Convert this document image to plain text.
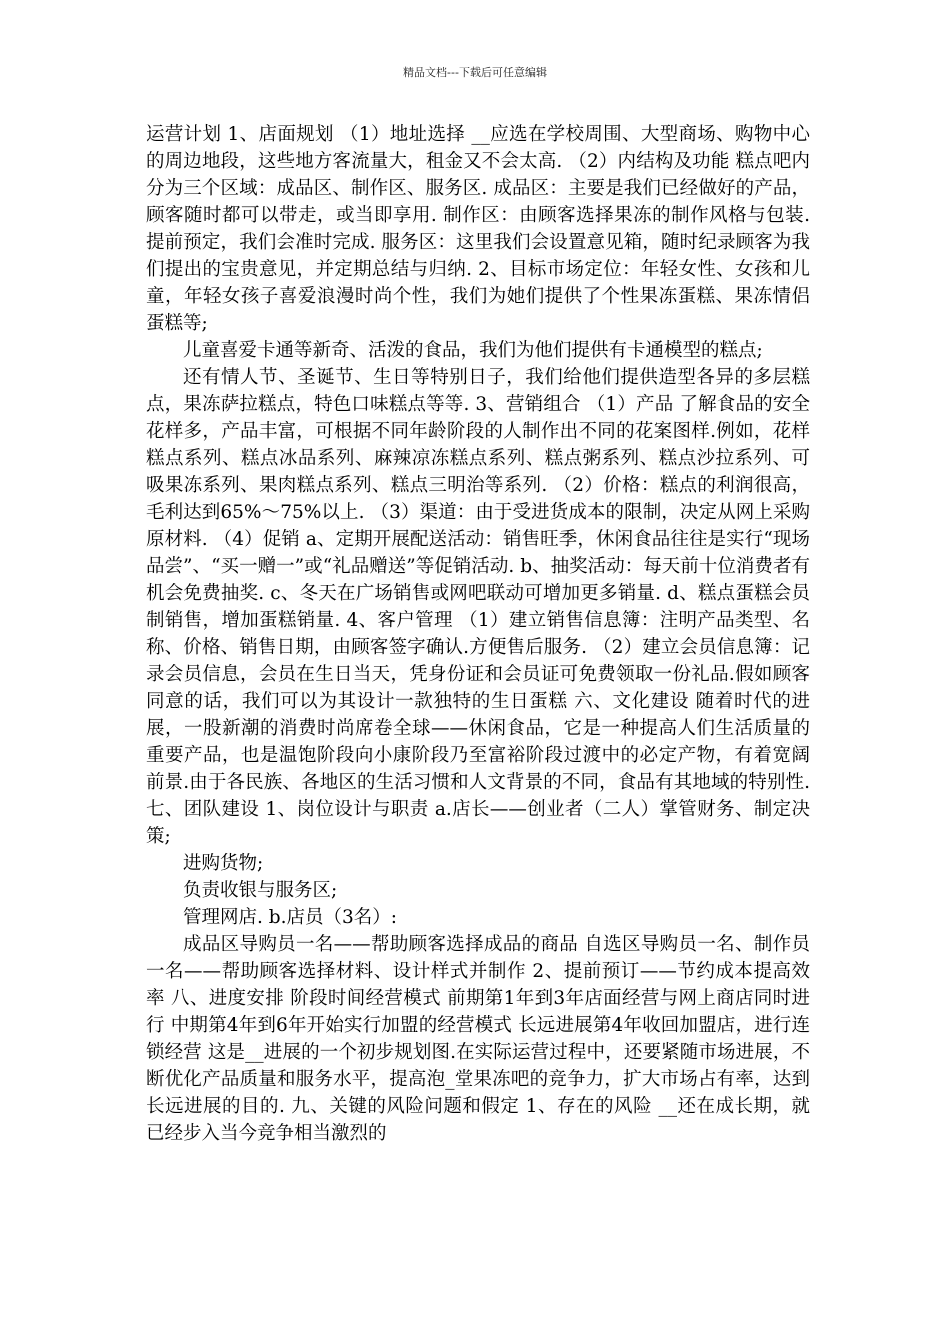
精品文档---下载后可任意编辑

运营计划 1、店面规划 （1）地址选择 __应选在学校周围、大型商场、购物中心的周边地段，这些地方客流量大，租金又不会太高. （2）内结构及功能 糕点吧内分为三个区域：成品区、制作区、服务区. 成品区：主要是我们已经做好的产品，顾客随时都可以带走，或当即享用. 制作区：由顾客选择果冻的制作风格与包装.提前预定，我们会准时完成. 服务区：这里我们会设置意见箱，随时纪录顾客为我们提出的宝贵意见，并定期总结与归纳. 2、目标市场定位：年轻女性、女孩和儿童，年轻女孩子喜爱浪漫时尚个性，我们为她们提供了个性果冻蛋糕、果冻情侣蛋糕等;

儿童喜爱卡通等新奇、活泼的食品，我们为他们提供有卡通模型的糕点;

还有情人节、圣诞节、生日等特别日子，我们给他们提供造型各异的多层糕点，果冻萨拉糕点，特色口味糕点等等. 3、营销组合 （1）产品 了解食品的安全花样多，产品丰富，可根据不同年龄阶段的人制作出不同的花案图样.例如，花样糕点系列、糕点冰品系列、麻辣凉冻糕点系列、糕点粥系列、糕点沙拉系列、可吸果冻系列、果肉糕点系列、糕点三明治等系列. （2）价格：糕点的利润很高，毛利达到65%～75%以上. （3）渠道：由于受进货成本的限制，决定从网上采购原材料. （4）促销 a、定期开展配送活动：销售旺季，休闲食品往往是实行“现场品尝”、“买一赠一”或“礼品赠送”等促销活动. b、抽奖活动：每天前十位消费者有机会免费抽奖. c、冬天在广场销售或网吧联动可增加更多销量. d、糕点蛋糕会员制销售，增加蛋糕销量. 4、客户管理 （1）建立销售信息簿：注明产品类型、名称、价格、销售日期，由顾客签字确认.方便售后服务. （2）建立会员信息簿：记录会员信息，会员在生日当天，凭身份证和会员证可免费领取一份礼品.假如顾客同意的话，我们可以为其设计一款独特的生日蛋糕 六、文化建设 随着时代的进展，一股新潮的消费时尚席卷全球——休闲食品，它是一种提高人们生活质量的重要产品，也是温饱阶段向小康阶段乃至富裕阶段过渡中的必定产物，有着宽阔前景.由于各民族、各地区的生活习惯和人文背景的不同，食品有其地域的特别性. 七、团队建设 1、岗位设计与职责 a.店长——创业者（二人）掌管财务、制定决策;

进购货物;

负责收银与服务区;

管理网店. b.店员（3名）:

成品区导购员一名——帮助顾客选择成品的商品 自选区导购员一名、制作员一名——帮助顾客选择材料、设计样式并制作 2、提前预订——节约成本提高效率 八、进度安排 阶段时间经营模式 前期第1年到3年店面经营与网上商店同时进行 中期第4年到6年开始实行加盟的经营模式 长远进展第4年收回加盟店，进行连锁经营 这是__进展的一个初步规划图.在实际运营过程中，还要紧随市场进展，不断优化产品质量和服务水平，提高泡_堂果冻吧的竞争力，扩大市场占有率，达到长远进展的目的. 九、关键的风险问题和假定 1、存在的风险 __还在成长期，就已经步入当今竞争相当激烈的
